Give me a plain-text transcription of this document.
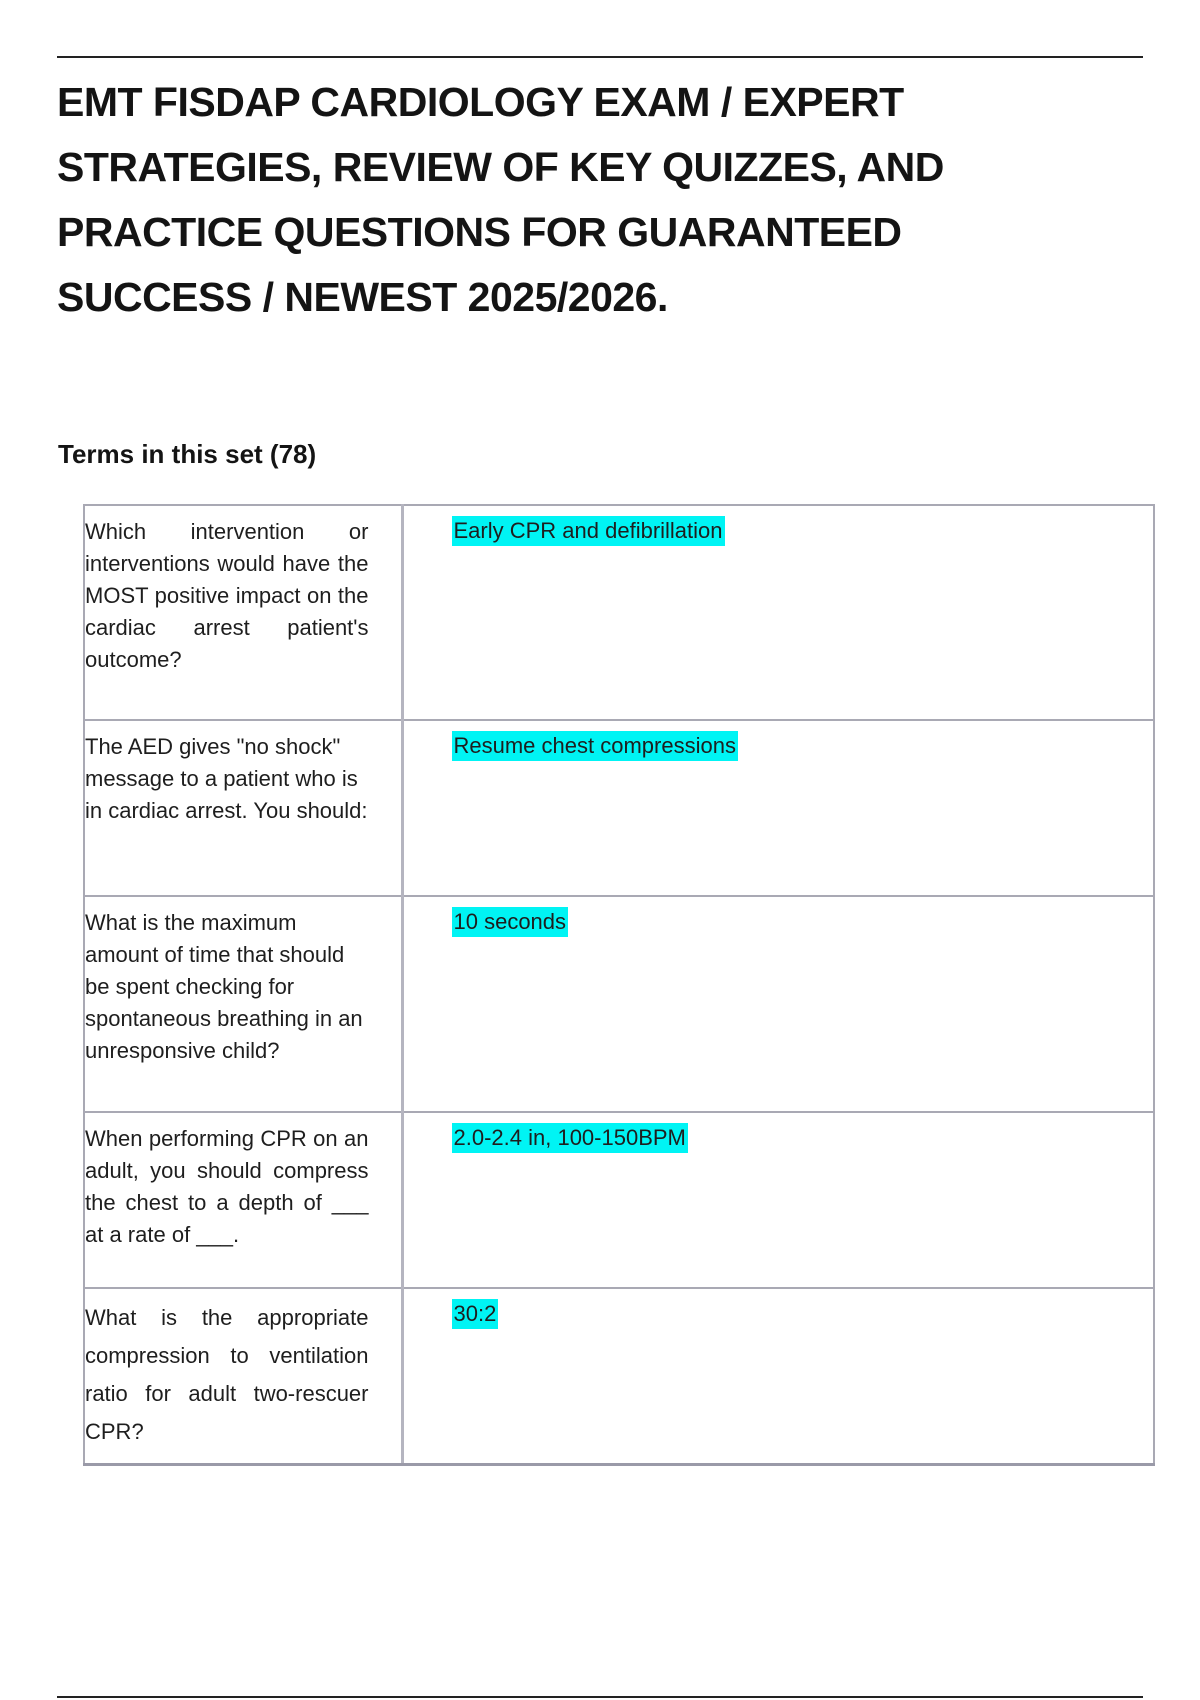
EMT FISDAP CARDIOLOGY EXAM / EXPERT STRATEGIES, REVIEW OF KEY QUIZZES, AND PRACTICE QUESTIONS FOR GUARANTEED SUCCESS / NEWEST 2025/2026.
Terms in this set (78)
Which intervention or interventions would have the MOST positive impact on the cardiac arrest patient's outcome?	Early CPR and defibrillation

The AED gives "no shock" message to a patient who is in cardiac arrest. You should:	Resume chest compressions

What is the maximum amount of time that should be spent checking for spontaneous breathing in an unresponsive child?	10 seconds

When performing CPR on an adult, you should compress the chest to a depth of ___ at a rate of ___.	2.0-2.4 in, 100-150BPM

What is the appropriate compression to ventilation ratio for adult two-rescuer CPR?	30:2
